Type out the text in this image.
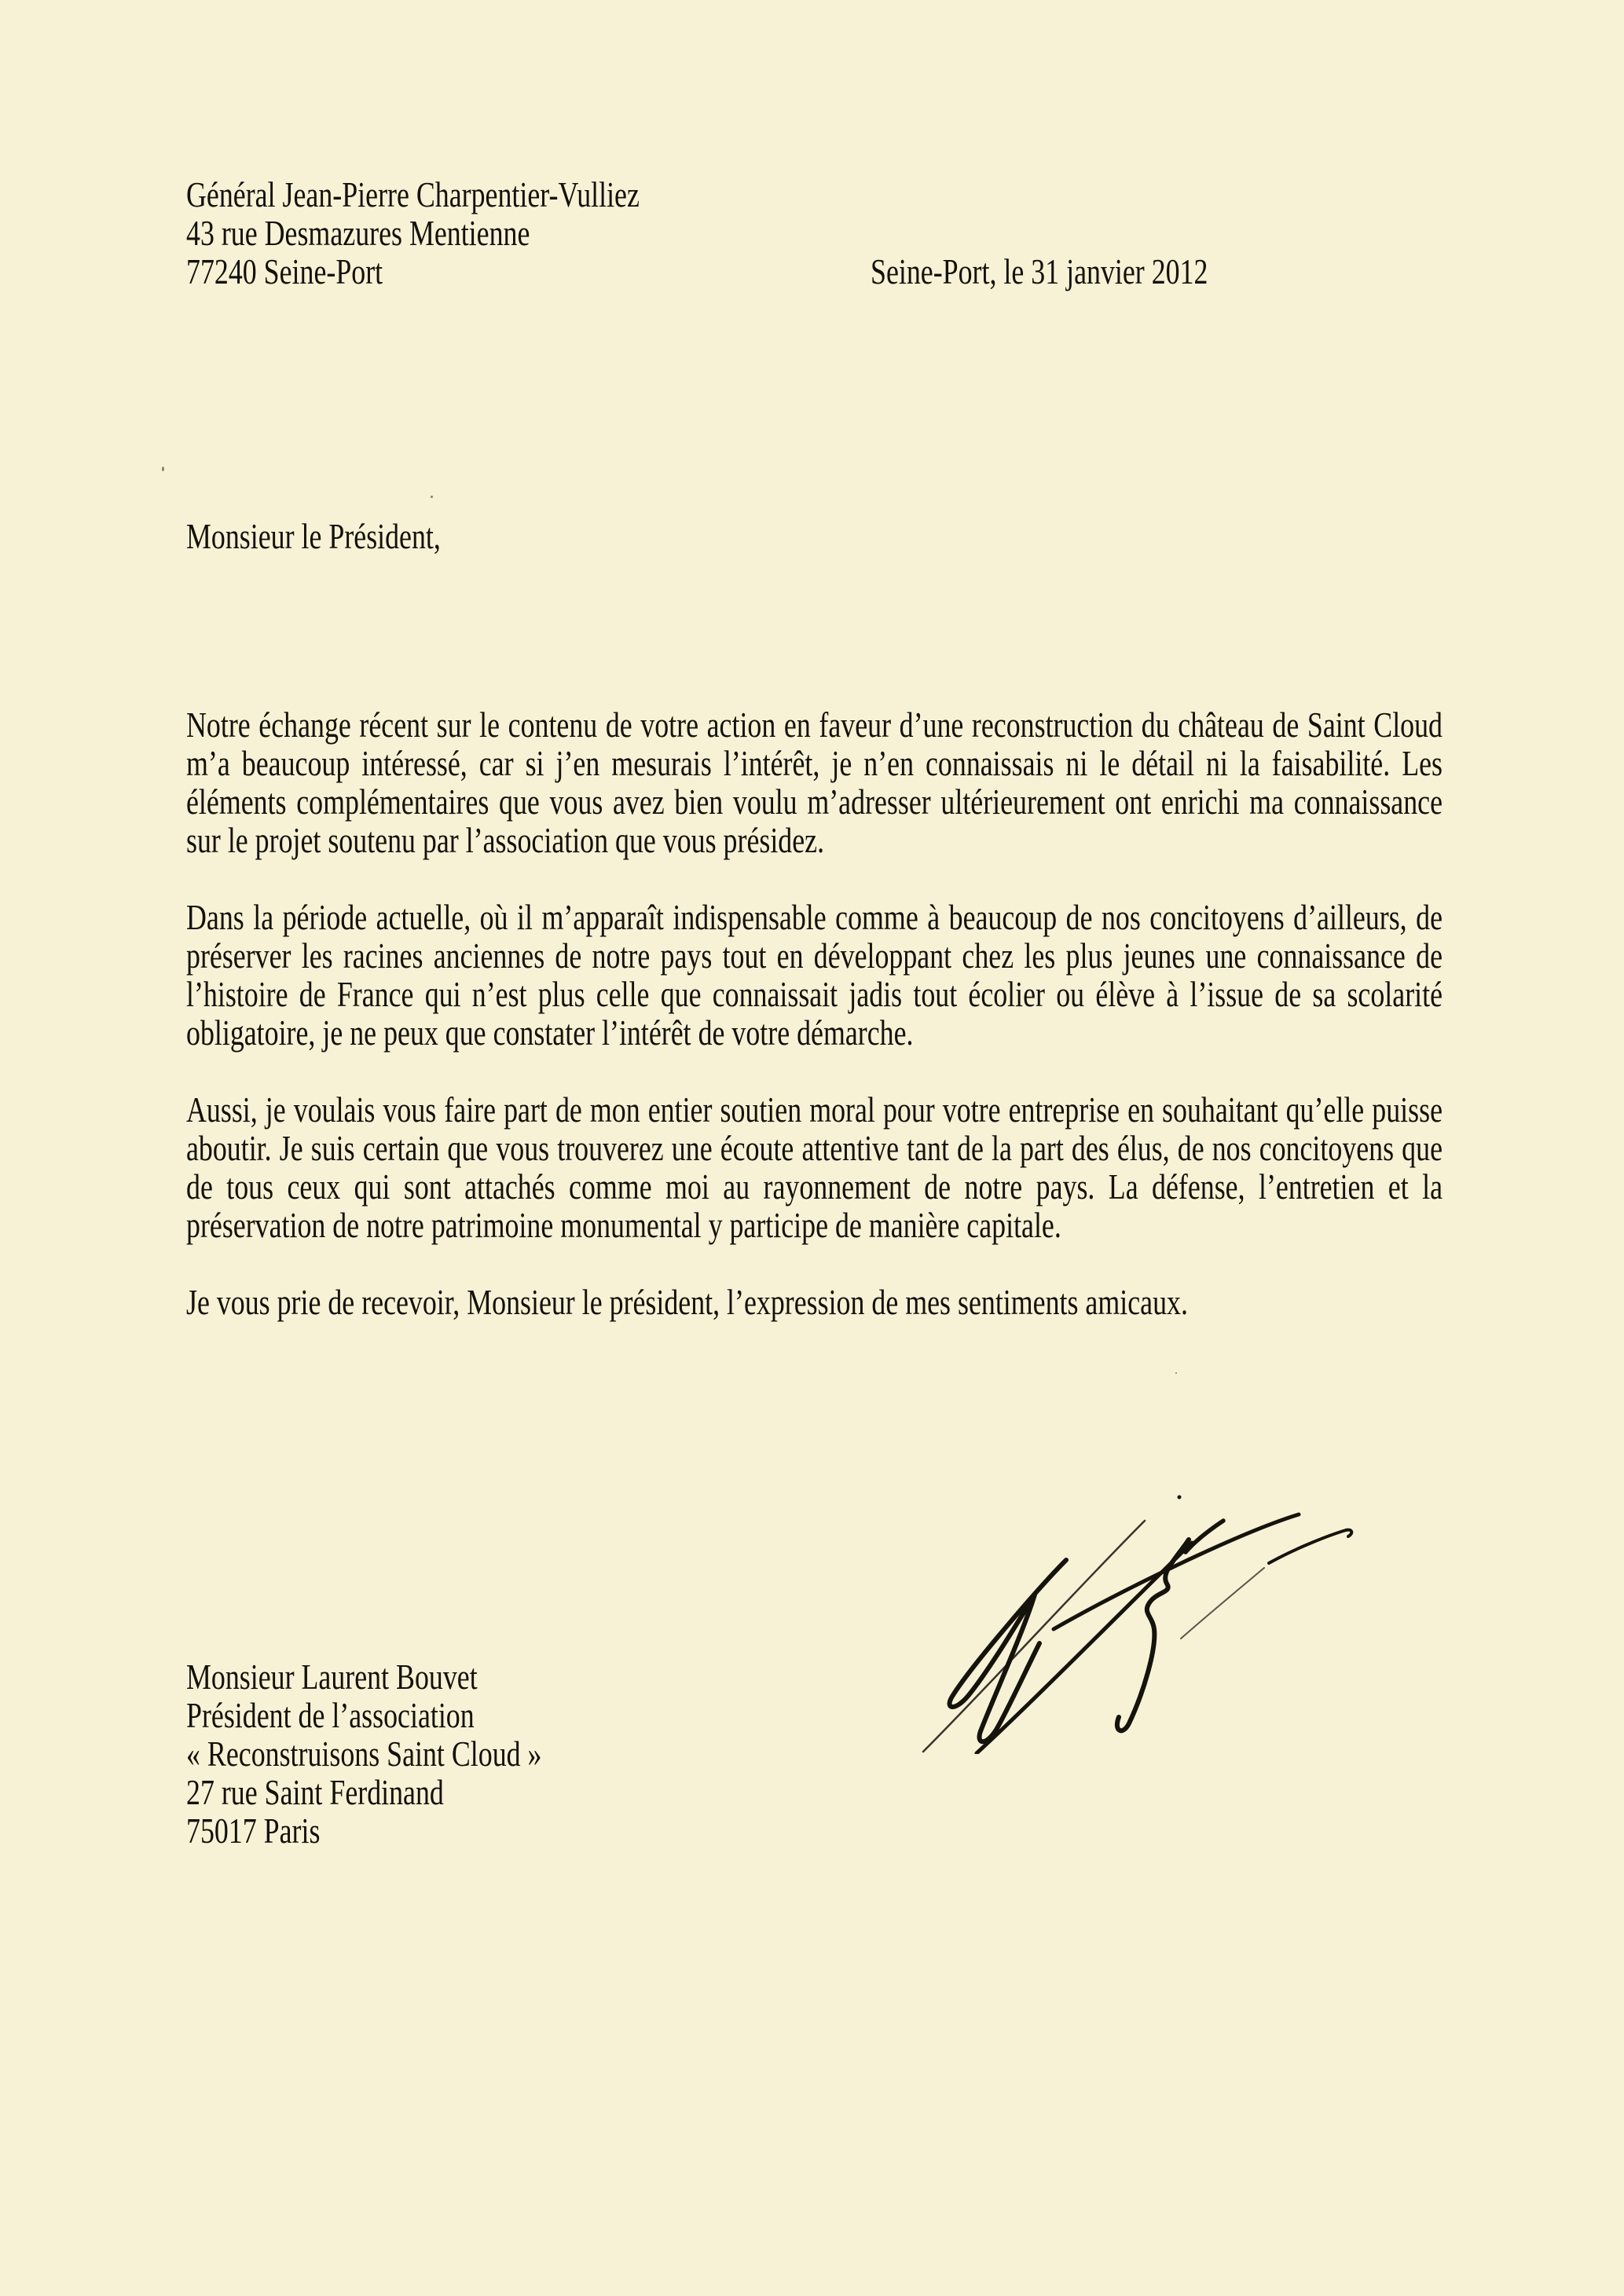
Général Jean-Pierre Charpentier-Vulliez
43 rue Desmazures Mentienne
77240 Seine-Port	Seine-Port, le 31 janvier 2012
Monsieur le Président,

Notre échange récent sur le contenu de votre action en faveur d’une reconstruction du château de Saint Cloud m’a beaucoup intéressé, car si j’en mesurais l’intérêt, je n’en connaissais ni le détail ni la faisabilité. Les éléments complémentaires que vous avez bien voulu m’adresser ultérieurement ont enrichi ma connaissance sur le projet soutenu par l’association que vous présidez.

Dans la période actuelle, où il m’apparaît indispensable comme à beaucoup de nos concitoyens d’ailleurs, de préserver les racines anciennes de notre pays tout en développant chez les plus jeunes une connaissance de l’histoire de France qui n’est plus celle que connaissait jadis tout écolier ou élève à l’issue de sa scolarité obligatoire, je ne peux que constater l’intérêt de votre démarche.

Aussi, je voulais vous faire part de mon entier soutien moral pour votre entreprise en souhaitant qu’elle puisse aboutir. Je suis certain que vous trouverez une écoute attentive tant de la part des élus, de nos concitoyens que de tous ceux qui sont attachés comme moi au rayonnement de notre pays. La défense, l’entretien et la préservation de notre patrimoine monumental y participe de manière capitale.

Je vous prie de recevoir, Monsieur le président, l’expression de mes sentiments amicaux.

Monsieur Laurent Bouvet
Président de l’association
« Reconstruisons Saint Cloud »
27 rue Saint Ferdinand
75017 Paris
